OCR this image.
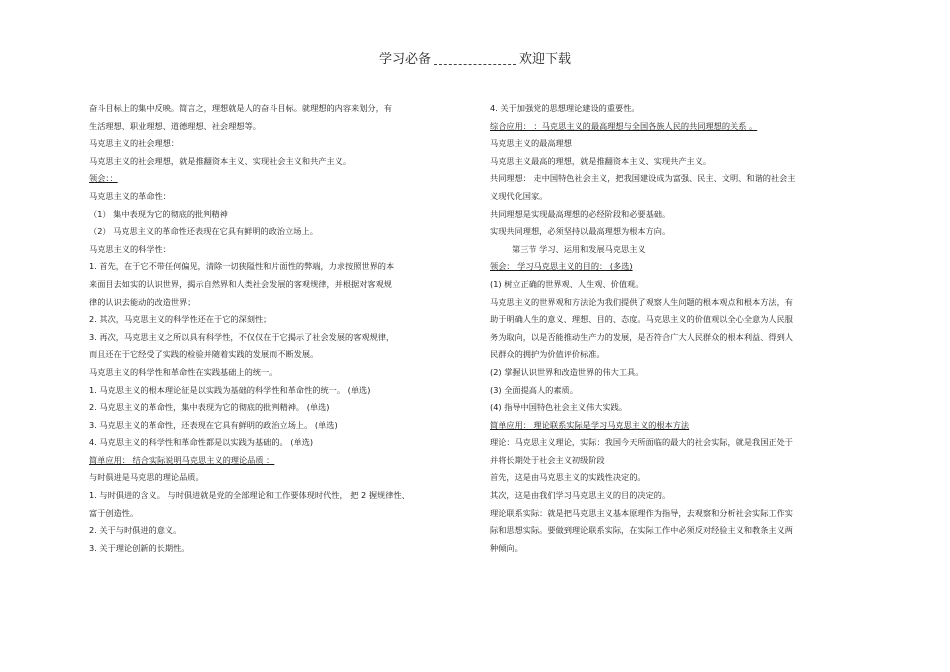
学习必备	欢迎下载
奋斗目标上的集中反映。简言之，理想就是人的奋斗目标。就理想的内容来划分，有
生活理想、职业理想、道德理想、社会理想等。
马克思主义的社会理想：
马克思主义的社会理想，就是推翻资本主义、实现社会主义和共产主义。
领会：：
马克思主义的革命性：
（1） 集中表现为它的彻底的批判精神
（2） 马克思主义的革命性还表现在它具有鲜明的政治立场上。
马克思主义的科学性：
1. 首先，在于它不带任何偏见，清除一切狭隘性和片面性的弊端，力求按照世界的本
来面目去如实的认识世界，揭示自然界和人类社会发展的客观规律，并根据对客观规
律的认识去能动的改造世界；
2. 其次，马克思主义的科学性还在于它的深刻性；
3. 再次，马克思主义之所以具有科学性，不仅仅在于它揭示了社会发展的客观规律，
而且还在于它经受了实践的检验并随着实践的发展而不断发展。
马克思主义的科学性和革命性在实践基础上的统一。
1. 马克思主义的根本理论征是以实践为基础的科学性和革命性的统一。 (单选)
2. 马克思主义的革命性，集中表现为它的彻底的批判精神。 (单选)
3. 马克思主义的革命性，还表现在它具有鲜明的政治立场上。 (单选)
4. 马克思主义的科学性和革命性都是以实践为基础的。 (单选)
简单应用： 结合实际说明马克思主义的理论品质 ：
与时俱进是马克思的理论品质。
1. 与时俱进的含义。 与时俱进就是党的全部理论和工作要体现时代性， 把 2 握规律性、
富于创造性。
2. 关于与时俱进的意义。
3. 关于理论创新的长期性。
4. 关于加强党的思想理论建设的重要性。
综合应用： ：马克思主义的最高理想与全国各族人民的共同理想的关系 。
马克思主义的最高理想
马克思主义最高的理想，就是推翻资本主义、实现共产主义。
共同理想： 走中国特色社会主义，把我国建设成为富强、民主、文明、和谐的社会主
义现代化国家。
共同理想是实现最高理想的必经阶段和必要基础。
实现共同理想，必须坚持以最高理想为根本方向。
第三节 学习、运用和发展马克思主义
领会： 学习马克思主义的目的： (多选)
(1) 树立正确的世界观、人生观、价值观。
马克思主义的世界观和方法论为我们提供了观察人生问题的根本观点和根本方法，有
助于明确人生的意义、理想、目的、态度。马克思主义的价值观以全心全意为人民服
务为取向，以是否能推动生产力的发展，是否符合广大人民群众的根本利益、得到人
民群众的拥护为价值评价标准。
(2) 掌握认识世界和改造世界的伟大工具。
(3) 全面提高人的素质。
(4) 指导中国特色社会主义伟大实践。
简单应用： 理论联系实际是学习马克思主义的根本方法
理论：马克思主义理论，实际：我国今天所面临的最大的社会实际，就是我国正处于
并将长期处于社会主义初级阶段
首先，这是由马克思主义的实践性决定的。
其次，这是由我们学习马克思主义的目的决定的。
理论联系实际：就是把马克思主义基本原理作为指导，去观察和分析社会实际工作实
际和思想实际。要做到理论联系实际，在实际工作中必须反对经验主义和教条主义两
种倾向。
